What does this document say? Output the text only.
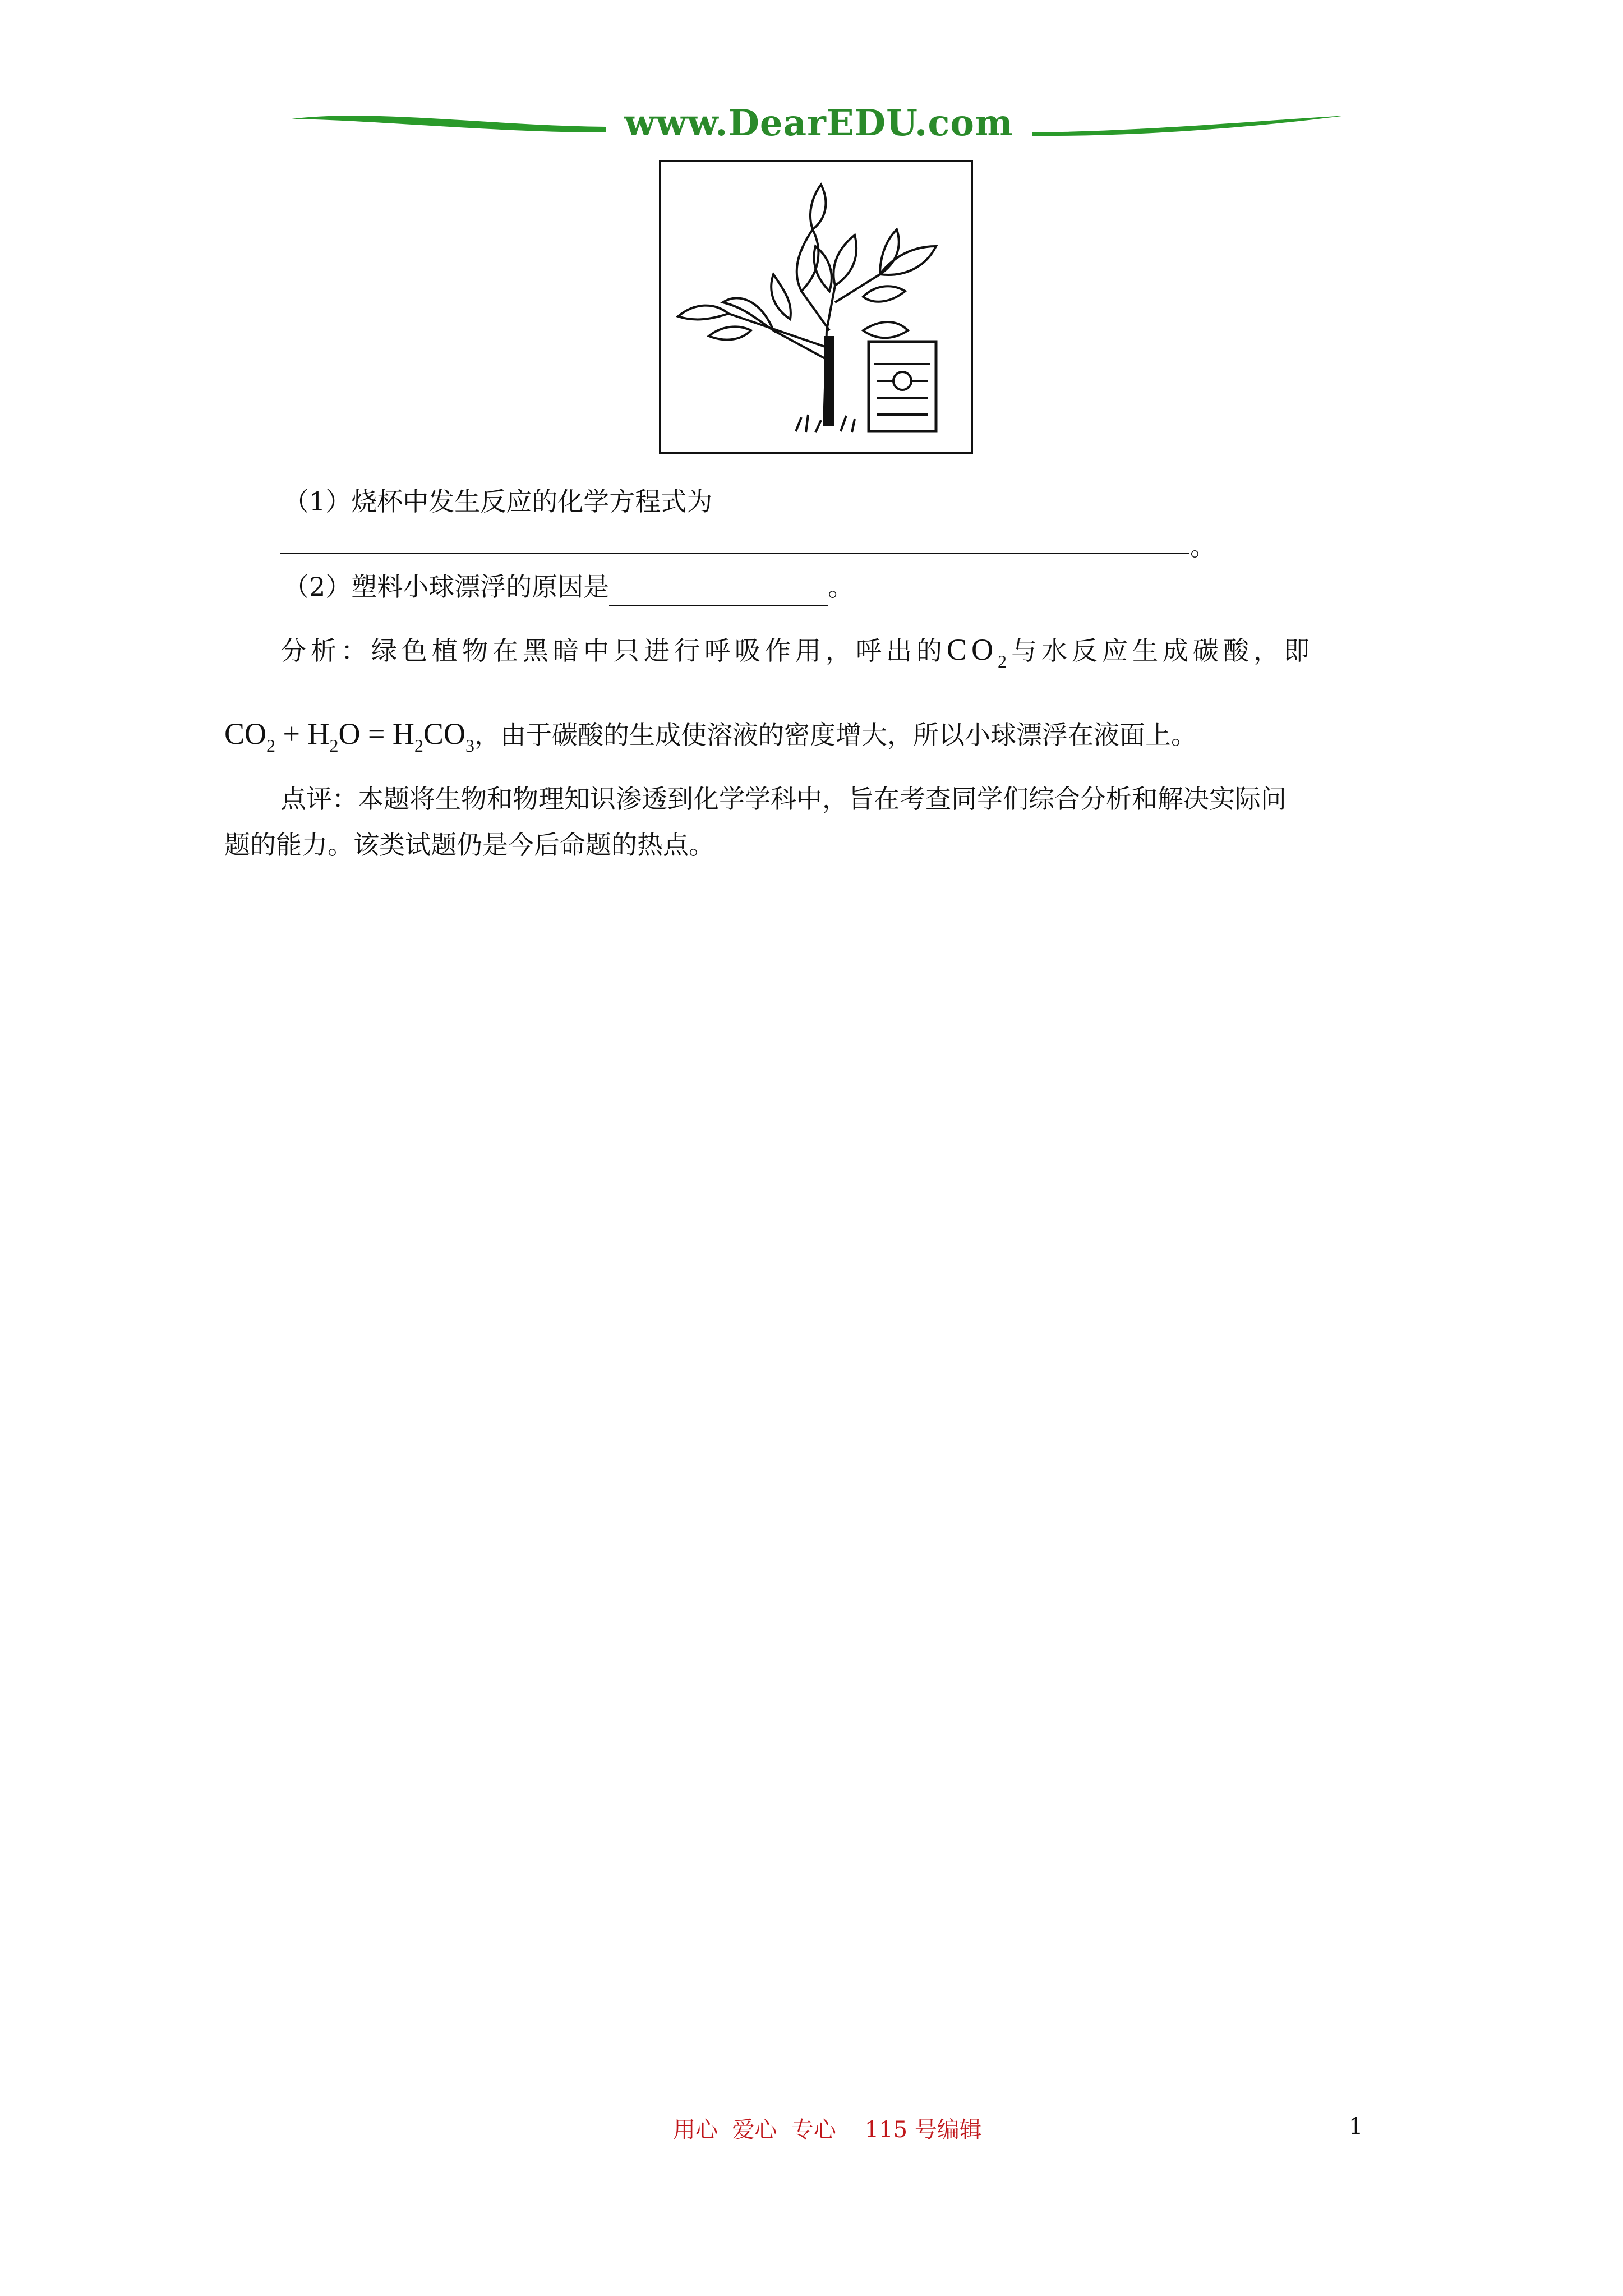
www.DearEDU.com
（1）烧杯中发生反应的化学方程式为
。
（2）塑料小球漂浮的原因是	。
分析：绿色植物在黑暗中只进行呼吸作用，呼出的$CO_2$与水反应生成碳酸，即
$CO_2 + H_2O = H_2CO_3$，由于碳酸的生成使溶液的密度增大，所以小球漂浮在液面上。
点评：本题将生物和物理知识渗透到化学学科中，旨在考查同学们综合分析和解决实际问
题的能力。该类试题仍是今后命题的热点。
用心  爱心  专心    115 号编辑	1
